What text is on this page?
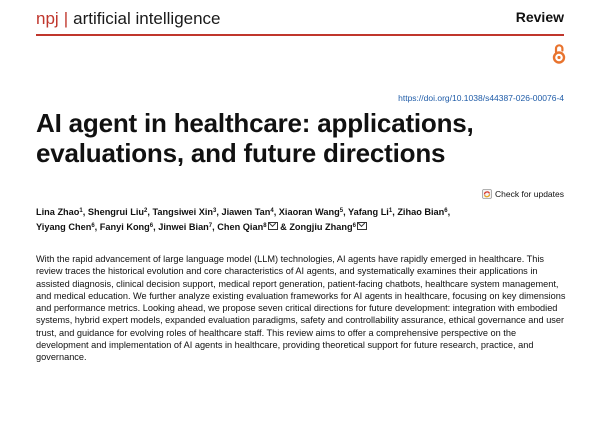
npj | artificial intelligence	Review
https://doi.org/10.1038/s44387-026-00076-4
AI agent in healthcare: applications, evaluations, and future directions
Check for updates
Lina Zhao$^1$, Shengrui Liu$^2$, Tangsiwei Xin$^3$, Jiawen Tan$^4$, Xiaoran Wang$^5$, Yafang Li$^1$, Zihao Bian$^6$,
Yiyang Chen$^6$, Fanyi Kong$^6$, Jinwei Bian$^7$, Chen Qian$^8$ & Zongjiu Zhang$^6$

With the rapid advancement of large language model (LLM) technologies, AI agents have rapidly emerged in healthcare. This review traces the historical evolution and core characteristics of AI agents, and systematically examines their applications in assisted diagnosis, clinical decision support, medical report generation, patient-facing chatbots, healthcare system management, and medical education. We further analyze existing evaluation frameworks for AI agents in healthcare, focusing on key dimensions and performance metrics. Looking ahead, we propose seven critical directions for future development: integration with embodied systems, hybrid expert models, expanded evaluation paradigms, safety and controllability assurance, ethical governance and user trust, and guidance for evolving roles of healthcare staff. This review aims to offer a comprehensive perspective on the development and implementation of AI agents in healthcare, providing theoretical support for future research, practice, and governance.
